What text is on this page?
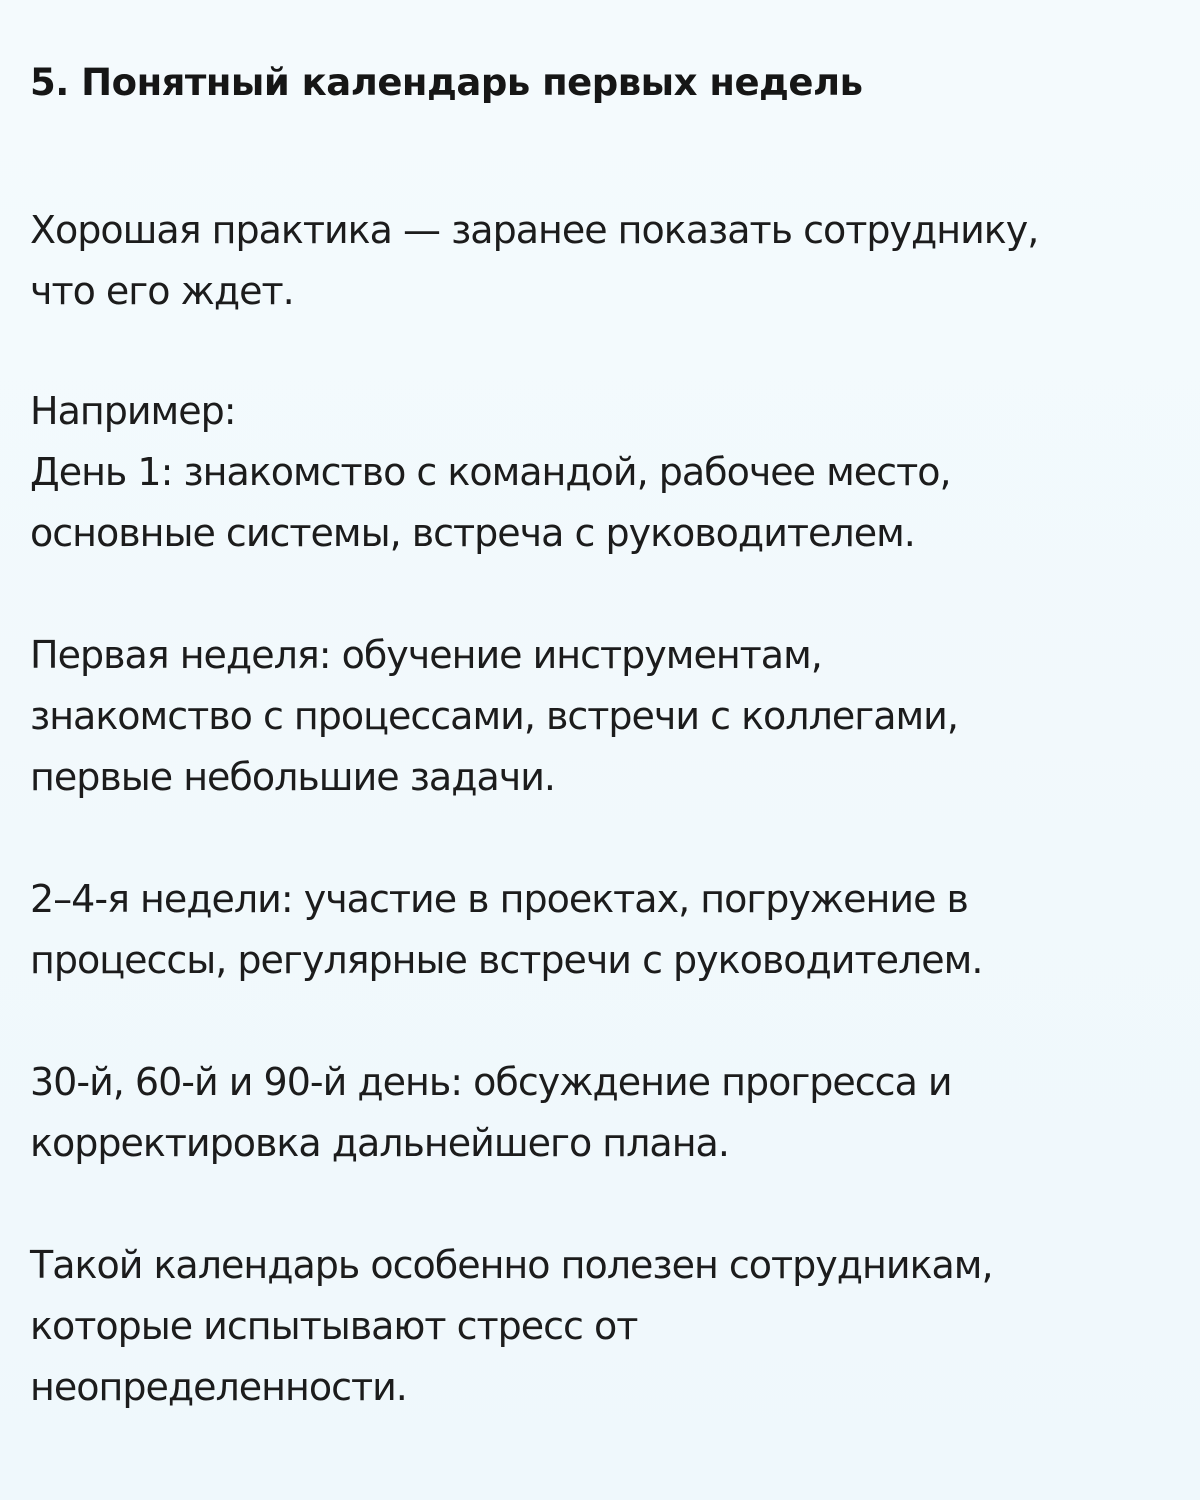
5. Понятный календарь первых недель

Хорошая практика — заранее показать сотруднику,
что его ждет.

Например:
День 1: знакомство с командой, рабочее место,
основные системы, встреча с руководителем.

Первая неделя: обучение инструментам,
знакомство с процессами, встречи с коллегами,
первые небольшие задачи.

2–4-я недели: участие в проектах, погружение в
процессы, регулярные встречи с руководителем.

30-й, 60-й и 90-й день: обсуждение прогресса и
корректировка дальнейшего плана.

Такой календарь особенно полезен сотрудникам,
которые испытывают стресс от
неопределенности.
